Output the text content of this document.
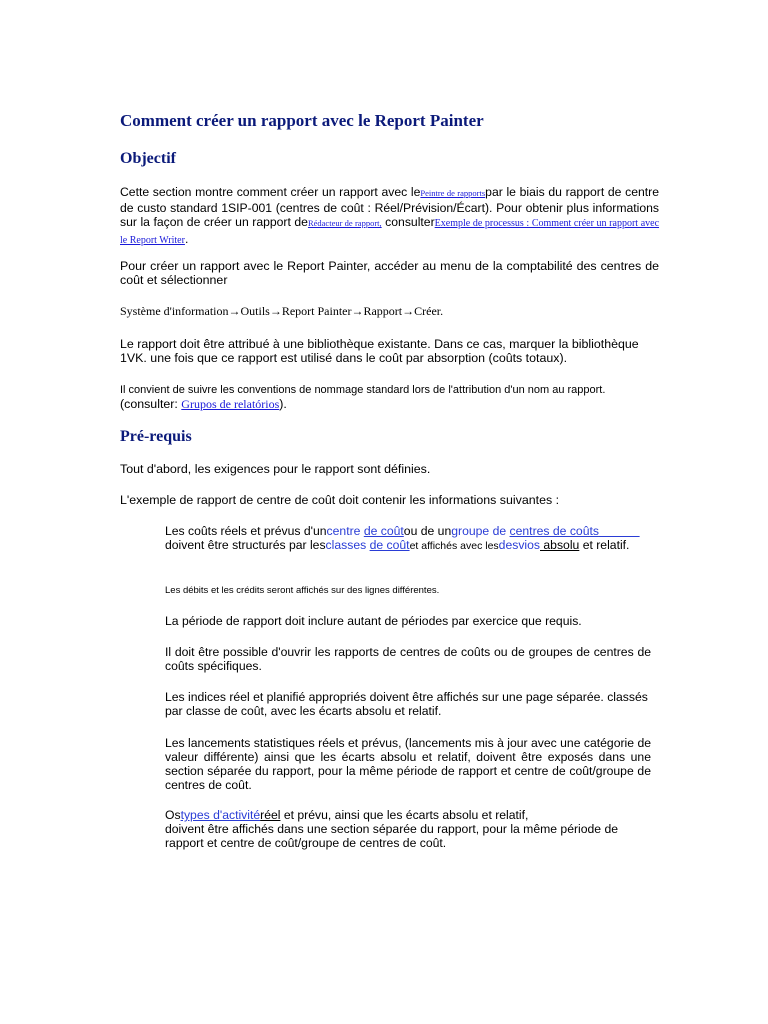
Comment créer un rapport avec le Report Painter
Objectif
Cette section montre comment créer un rapport avec lePeintre de rapportspar le biais du rapport de centre de custo standard 1SIP-001 (centres de coût : Réel/Prévision/Écart). Pour obtenir plus informations sur la façon de créer un rapport deRédacteur de rapport, consulterExemple de processus : Comment créer un rapport avec le Report Writer.
Pour créer un rapport avec le Report Painter, accéder au menu de la comptabilité des centres de coût et sélectionner
Système d'information→Outils→Report Painter→Rapport→Créer.
Le rapport doit être attribué à une bibliothèque existante. Dans ce cas, marquer la bibliothèque 1VK. une fois que ce rapport est utilisé dans le coût par absorption (coûts totaux).
Il convient de suivre les conventions de nommage standard lors de l'attribution d'un nom au rapport.
(consulter: Grupos de relatórios).
Pré-requis
Tout d'abord, les exigences pour le rapport sont définies.
L'exemple de rapport de centre de coût doit contenir les informations suivantes :
Les coûts réels et prévus d'uncentre de coûtou de ungroupe de centres de coûts
doivent être structurés par lesclasses de coûtet affichés avec lesdesvios absolu et relatif.
Les débits et les crédits seront affichés sur des lignes différentes.
La période de rapport doit inclure autant de périodes par exercice que requis.
Il doit être possible d'ouvrir les rapports de centres de coûts ou de groupes de centres de coûts spécifiques.
Les indices réel et planifié appropriés doivent être affichés sur une page séparée. classés par classe de coût, avec les écarts absolu et relatif.
Les lancements statistiques réels et prévus, (lancements mis à jour avec une catégorie de valeur différente) ainsi que les écarts absolu et relatif, doivent être exposés dans une section séparée du rapport, pour la même période de rapport et centre de coût/groupe de centres de coût.
Ostypes d'activitéréel et prévu, ainsi que les écarts absolu et relatif,
doivent être affichés dans une section séparée du rapport, pour la même période de rapport et centre de coût/groupe de centres de coût.
